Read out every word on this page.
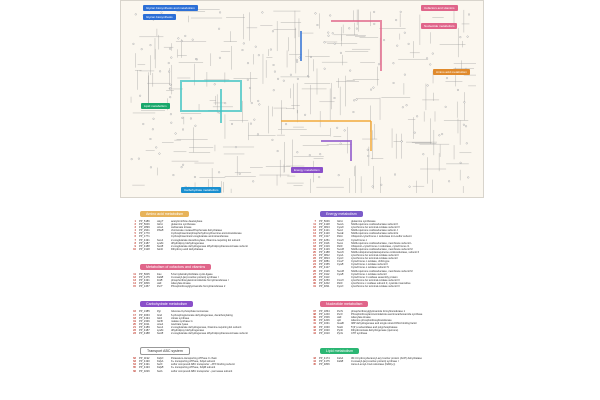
Glycan biosynthesis and metabolism
Glycan biosynthesis
Lipid metabolism
Cofactors and vitamins
Nucleotide metabolism
Amino acid metabolism
Energy metabolism
Carbohydrate metabolism
Amino acid metabolism
1	PP_5186	AegT	acetylornithine deacetylase
2	PP_5046	GlnA	glutamine synthetase
3	PP_2899	AnsA	carbamate kinase
4	PP_2941	PheB	chorismate mutase/Prephenate dehydratase
5	PP_1770	3-phosphoserine/phosphohydroxythreonine aminotransferase
6	PP_1771	3-phosphoserine/2-oxoglutarate aminotransferase
7	PP_4191	SucA	2-oxoglutarate decarboxylase, thiamine-requiring E1 subunit
8	PP_4187	LpdG	dihydrolipoyl dehydrogenase
9	PP_4188	SucB	2-oxoglutarate dehydrogenase dihydrolipoyltranssuccinase subunit
10	PP_3128	SerD	Dihydroxy-acid dehydratase
Metabolism of cofactors and vitamins
11	PP_5005	Fau	5-formyltetrahydrofolate cyclo-ligase
12	PP_4175	FabB	3-oxoacyl-[acyl-carrier-protein] synthase I
13	PP_4191	FolB	phosphoribosylaminoimidazole formyltransferase I
14	PP_4806	Adk	Adenylate kinase
15	PP_1457	PurT	Phosphoribosylglycinamide formyltransferase 2
Carbohydrate metabolism
16	PP_1385	Pgi	Glucose-6-phosphate isomerase
17	PP_4663	Gnd	6-phosphogluconate dehydrogenase, decarboxylating
18	PP_4194	GltA	citrate synthase
19	PP_2336	GlcB	malate synthase G
20	PP_4011	AceA	isocitrate lyase
21	PP_4189	SucA	2-oxoglutarate dehydrogenase, thiamine-requiring E1 subunit
22	PP_4187	LpdG	dihydrolipoyl dehydrogenase
23	PP_4188	SucB	2-oxoglutarate dehydrogenase dihydrolipoyltranssuccinase subunit
Transport ABC system
62	PP_1192	KdpC	Potassium-transporting ATPase C chain
63	PP_4190	KdpA	K+ transporting ATPase, KdpA subunit
64	PP_4191	SulC	sulfur compound ABC transporter - ATP-binding subunit
65	PP_4193	KdpB	K+ transporting ATPase, KdpB subunit
66	PP_3226	SulA	sulfur compound ABC transporter - permease subunit
Energy metabolism
7	PP_5046	GlnA	glutamine synthetase
11	PP_4128	NuoA	NADH-quinone oxidoreductase subunit K
12	PP_0813	CyoD	cytochrome bo terminal oxidase subunit IV
13	PP_4121	NuoJ	NADH-quinone oxidoreductase subunit J
14	PP_4120	NuoE	NADH-quinone oxidoreductase subunit E
15	PP_1317	PetA	Ubiquinol-cytochrome c reductase iron-sulfur subunit
16	PP_4251	CcoN	Cytochrome c
17	PP_0116	NuoL	NADH-quinone oxidoreductase, membrane subunit L
18	PP_1319	PetC	Ubiquinol--cytochrome c reductase, cytochrome c1
19	PP_4129	NuoM	NADH-quinone oxidoreductase, membrane subunit M
20	PP_4188	NuoN	NADH-ubiquinone/plastoquinone oxidoreductase, subunit 6
21	PP_0812	CyoA	cytochrome bo terminal oxidase subunit II
22	PP_0813	CyoC	cytochrome bo terminal oxidase subunit I
23	PP_4881	CcoP	Cytochrome c oxidase, cbb3-type
24	PP_3155	CyoB	Cytochrome c oxidase subunit II
25	PP_4127	Cytochrome o oxidase subunit IV
26	PP_0126	NuoM	NADH-quinone oxidoreductase, membrane subunit M
27	PP_0112	CyoB	Cytochrome c oxidase subunit I
28	PP_0113	Cytochrome C oxidase assembly protein
29	PP_4250	CcoO	cytochrome bo terminal oxidase subunit III
30	PP_4202	PetC	cytochrome c oxidase subunit 3, cyanide insensitive
31	PP_4811	CyoC	cytochrome bo terminal oxidase subunit III
Nucleotide metabolism
37	PP_1864	PurN	phosphoribosylglycinamide formyltransferase 1
38	PP_1240	PurC	Phosphoribosylaminoimidazole-succinocarboxamide synthase
39	PP_1506	Adk	Adenylate kinase
40	PP_4206	Apt	Adenine phosphoribosyltransferase
41	PP_1031	GuaB	IMP dehydrogenase and single strand DNA binding factor
42	PP_1630	NrdA	5'(3')-nucleotidase and polyphosphatase
43	PP_1620	PyrD	Dihydroorotate dehydrogenase (quinone)
44	PP_1610	PyrG	CTP synthase
Lipid metabolism
43	PP_4174	FabA	3R-3-hydroxydecanoyl-acyl carrier protein (ACP) dehydratase
44	PP_4175	FabB	3-oxoacyl-[acyl-carrier-protein] synthase I
45	PP_4806	trans-2-enoyl-CoA reductase (NAD(+))
